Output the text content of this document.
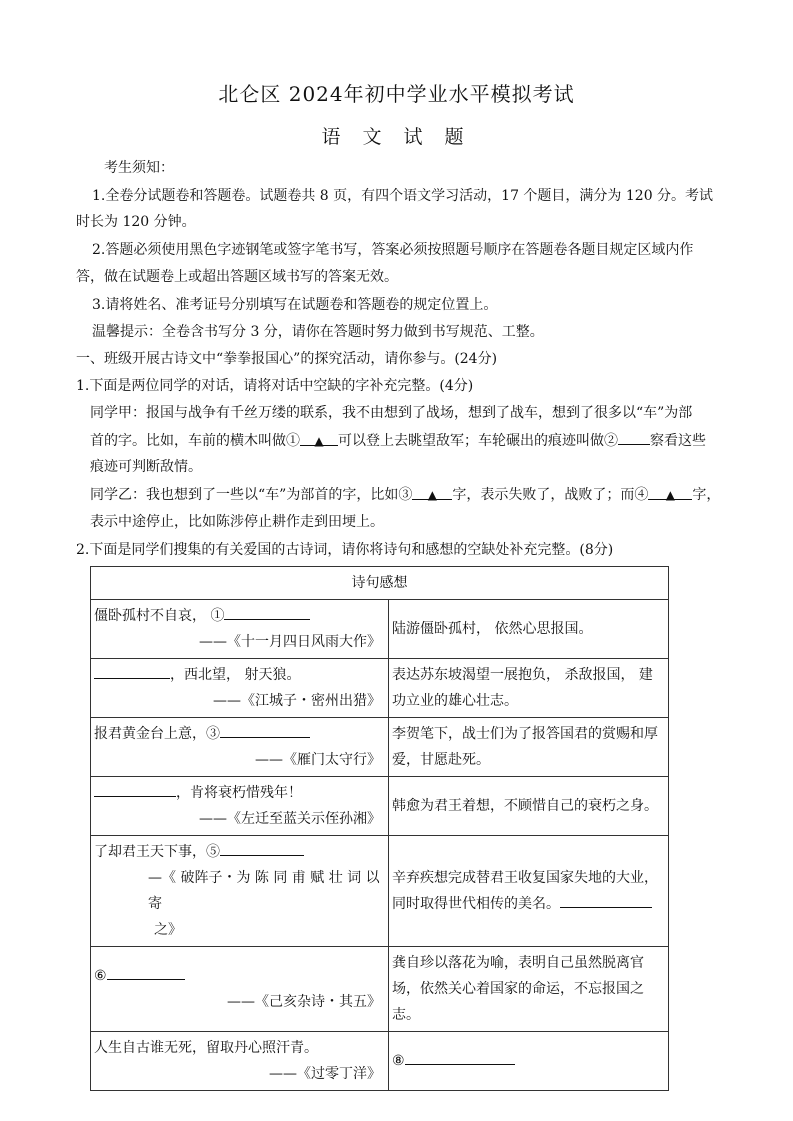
北仑区 2024年初中学业水平模拟考试
语 文 试 题
考生须知：
1.全卷分试题卷和答题卷。试题卷共 8 页，有四个语文学习活动，17 个题目，满分为 120 分。考试
时长为 120 分钟。
2.答题必须使用黑色字迹钢笔或签字笔书写，答案必须按照题号顺序在答题卷各题目规定区域内作
答，做在试题卷上或超出答题区域书写的答案无效。
3.请将姓名、准考证号分别填写在试题卷和答题卷的规定位置上。
温馨提示：全卷含书写分 3 分，请你在答题时努力做到书写规范、工整。
一、班级开展古诗文中“拳拳报国心”的探究活动，请你参与。(24分)
1.下面是两位同学的对话，请将对话中空缺的字补充完整。(4分)
同学甲：报国与战争有千丝万缕的联系，我不由想到了战场，想到了战车，想到了很多以“车”为部
首的字。比如，车前的横木叫做① ▲ 可以登上去眺望敌军；车轮碾出的痕迹叫做② 察看这些
痕迹可判断敌情。
同学乙：我也想到了一些以“车”为部首的字，比如③ ▲ 字，表示失败了，战败了；而④ ▲ 字，
表示中途停止，比如陈涉停止耕作走到田埂上。
2.下面是同学们搜集的有关爱国的古诗词，请你将诗句和感想的空缺处补充完整。(8分)
诗句感想	

僵卧孤村不自哀， ①
——《十一月四日风雨大作》	陆游僵卧孤村， 依然心思报国。

，西北望， 射天狼。
——《江城子・密州出猎》	表达苏东坡渴望一展抱负， 杀敌报国， 建功立业的雄心壮志。

报君黄金台上意，③
——《雁门太守行》	李贺笔下，战士们为了报答国君的赏赐和厚爱，甘愿赴死。

，肯将衰朽惜残年！
——《左迁至蓝关示侄孙湘》	韩愈为君王着想，不顾惜自己的衰朽之身。

了却君王天下事，⑤
—《 破阵子・为 陈 同 甫 赋 壮 词 以 寄
之》	辛弃疾想完成替君王收复国家失地的大业，同时取得世代相传的美名。

⑥
——《己亥杂诗・其五》	龚自珍以落花为喻，表明自己虽然脱离官场，依然关心着国家的命运，不忘报国之志。

人生自古谁无死，留取丹心照汗青。
——《过零丁洋》	⑧
